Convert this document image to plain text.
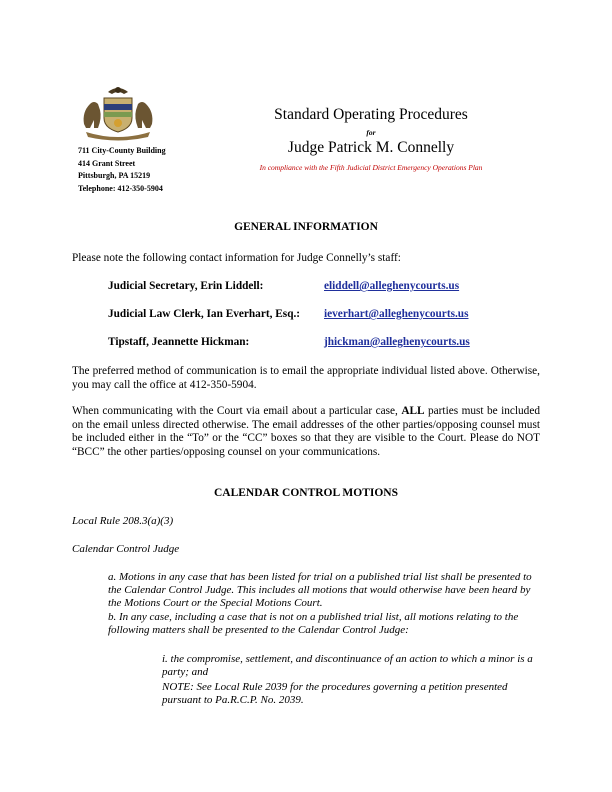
711 City-County Building
414 Grant Street
Pittsburgh, PA 15219
Telephone: 412-350-5904
Standard Operating Procedures
for
Judge Patrick M. Connelly
In compliance with the Fifth Judicial District Emergency Operations Plan
GENERAL INFORMATION
Please note the following contact information for Judge Connelly’s staff:
Judicial Secretary, Erin Liddell:	eliddell@alleghenycourts.us
Judicial Law Clerk, Ian Everhart, Esq.: ieverhart@alleghenycourts.us
Tipstaff, Jeannette Hickman:	jhickman@alleghenycourts.us
The preferred method of communication is to email the appropriate individual listed above. Otherwise, you may call the office at 412-350-5904.
When communicating with the Court via email about a particular case, ALL parties must be included on the email unless directed otherwise. The email addresses of the other parties/opposing counsel must be included either in the “To” or the “CC” boxes so that they are visible to the Court. Please do NOT “BCC” the other parties/opposing counsel on your communications.
CALENDAR CONTROL MOTIONS
Local Rule 208.3(a)(3)
Calendar Control Judge
a. Motions in any case that has been listed for trial on a published trial list shall be presented to the Calendar Control Judge. This includes all motions that would otherwise have been heard by the Motions Court or the Special Motions Court.
b. In any case, including a case that is not on a published trial list, all motions relating to the following matters shall be presented to the Calendar Control Judge:
i. the compromise, settlement, and discontinuance of an action to which a minor is a party; and
NOTE: See Local Rule 2039 for the procedures governing a petition presented pursuant to Pa.R.C.P. No. 2039.
